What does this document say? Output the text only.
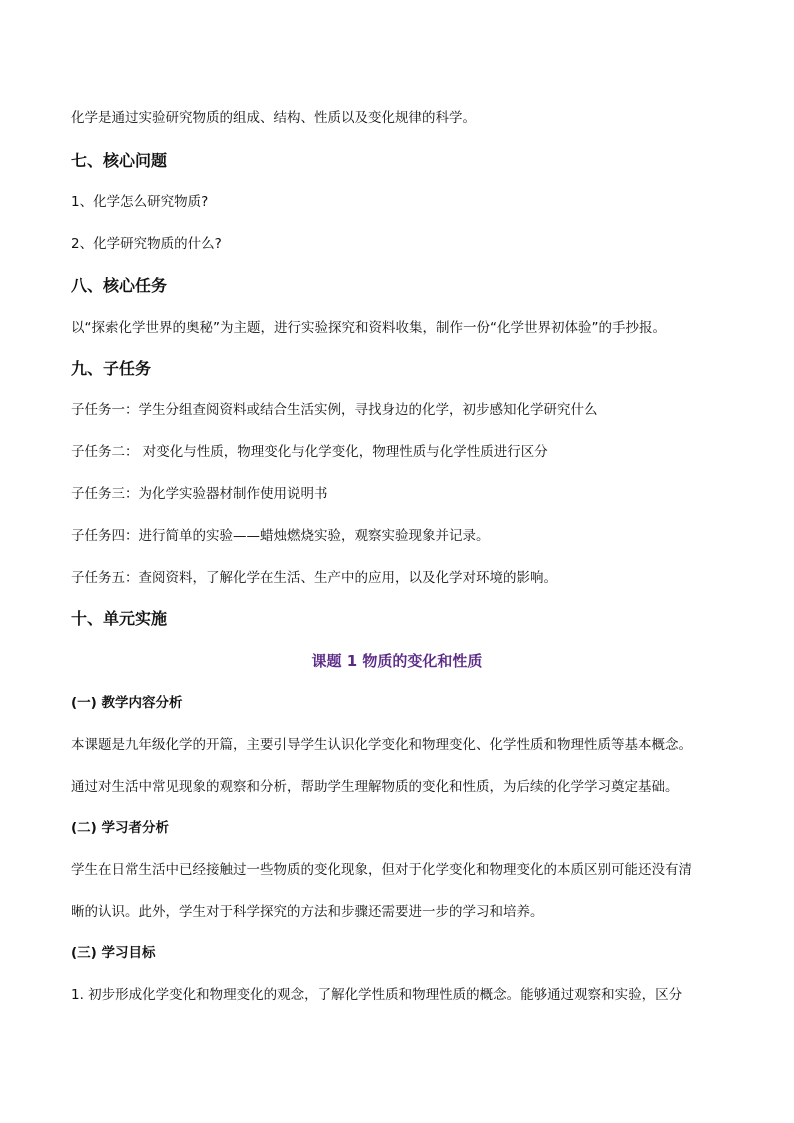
化学是通过实验研究物质的组成、结构、性质以及变化规律的科学。
七、核心问题
1、化学怎么研究物质?
2、化学研究物质的什么?
八、核心任务
以“探索化学世界的奥秘”为主题，进行实验探究和资料收集，制作一份“化学世界初体验”的手抄报。
九、子任务
子任务一：学生分组查阅资料或结合生活实例，寻找身边的化学，初步感知化学研究什么
子任务二： 对变化与性质，物理变化与化学变化，物理性质与化学性质进行区分
子任务三：为化学实验器材制作使用说明书
子任务四：进行简单的实验——蜡烛燃烧实验，观察实验现象并记录。
子任务五：查阅资料，了解化学在生活、生产中的应用，以及化学对环境的影响。
十、单元实施
课题 1 物质的变化和性质
(一) 教学内容分析
本课题是九年级化学的开篇，主要引导学生认识化学变化和物理变化、化学性质和物理性质等基本概念。
通过对生活中常见现象的观察和分析，帮助学生理解物质的变化和性质，为后续的化学学习奠定基础。
(二) 学习者分析
学生在日常生活中已经接触过一些物质的变化现象，但对于化学变化和物理变化的本质区别可能还没有清
晰的认识。此外，学生对于科学探究的方法和步骤还需要进一步的学习和培养。
(三) 学习目标
1. 初步形成化学变化和物理变化的观念，了解化学性质和物理性质的概念。能够通过观察和实验，区分
